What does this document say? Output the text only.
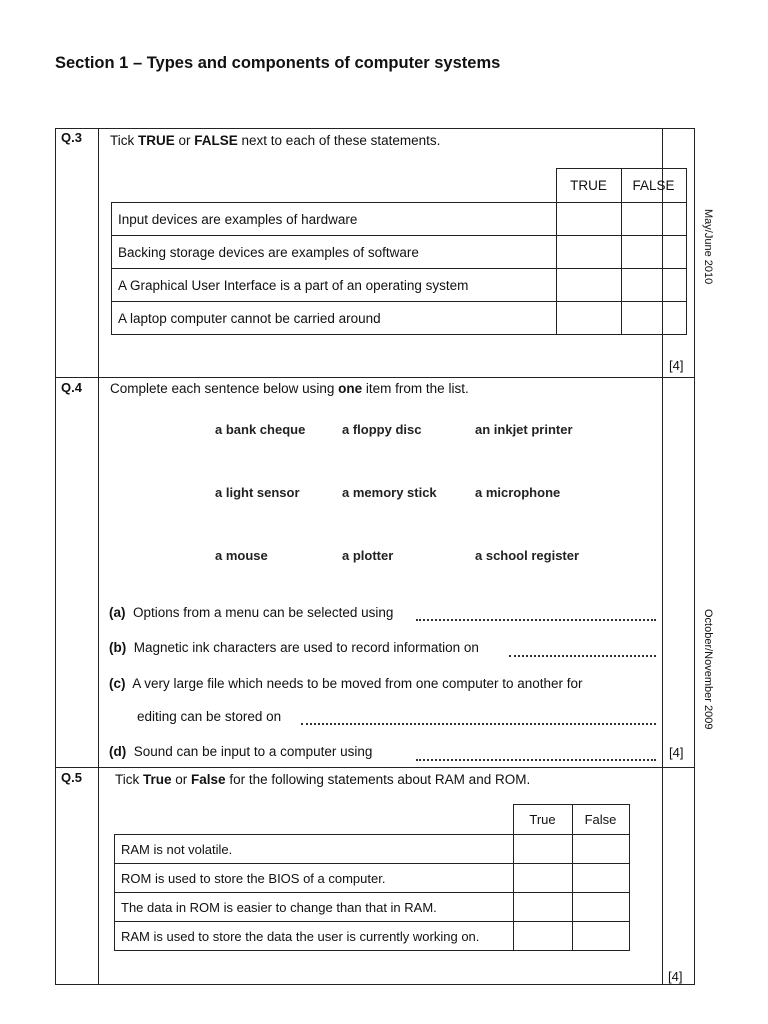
Section 1 – Types and components of computer systems
Q.3 Tick TRUE or FALSE next to each of these statements.
	TRUE	FALSE
Input devices are examples of hardware		
Backing storage devices are examples of software		
A Graphical User Interface is a part of an operating system		
A laptop computer cannot be carried around		
[4]
May/June 2010
Q.4 Complete each sentence below using one item from the list.
a bank cheque	a floppy disc	an inkjet printer
a light sensor	a memory stick	a microphone
a mouse	a plotter	a school register
(a) Options from a menu can be selected using
(b) Magnetic ink characters are used to record information on
(c) A very large file which needs to be moved from one computer to another for
editing can be stored on
(d) Sound can be input to a computer using	[4]
October/November 2009
Q.5 Tick True or False for the following statements about RAM and ROM.
	True	False
RAM is not volatile.		
ROM is used to store the BIOS of a computer.		
The data in ROM is easier to change than that in RAM.		
RAM is used to store the data the user is currently working on.		
[4]
